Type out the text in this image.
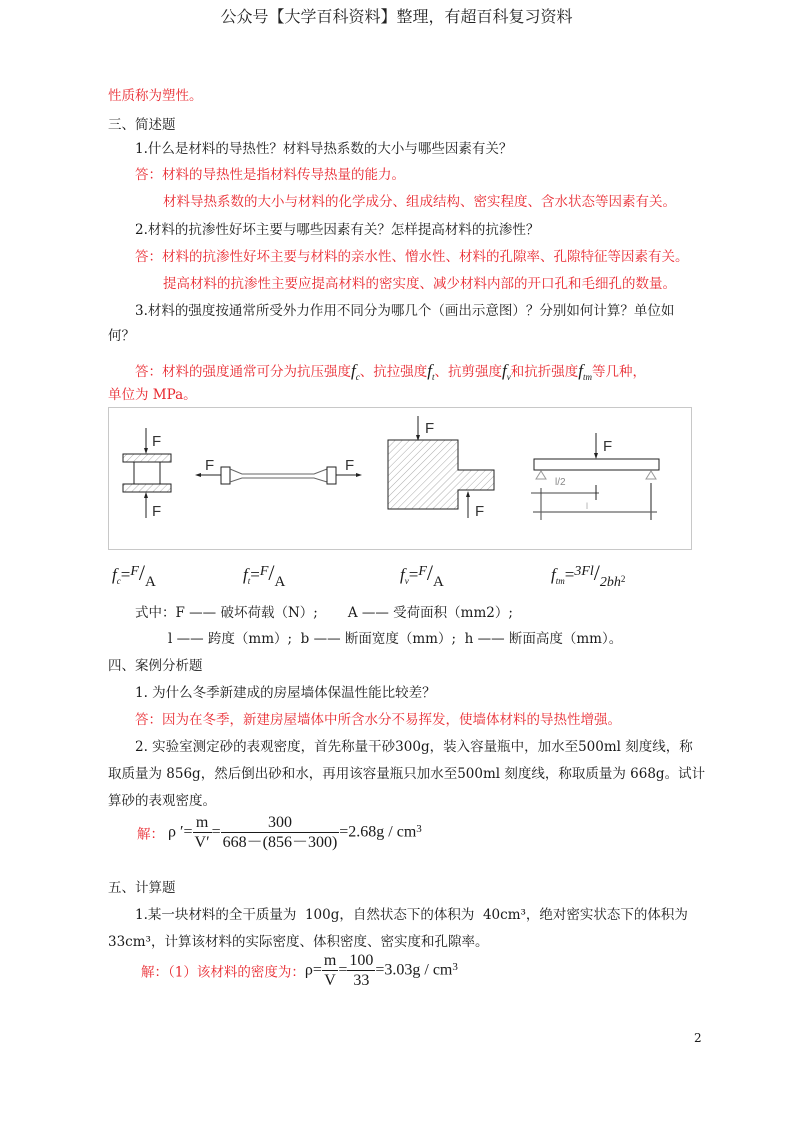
公众号【大学百科资料】整理，有超百科复习资料
性质称为塑性。
三、简述题
1.什么是材料的导热性？材料导热系数的大小与哪些因素有关？
答：材料的导热性是指材料传导热量的能力。
材料导热系数的大小与材料的化学成分、组成结构、密实程度、含水状态等因素有关。
2.材料的抗渗性好坏主要与哪些因素有关？怎样提高材料的抗渗性？
答：材料的抗渗性好坏主要与材料的亲水性、憎水性、材料的孔隙率、孔隙特征等因素有关。
提高材料的抗渗性主要应提高材料的密实度、减少材料内部的开口孔和毛细孔的数量。
3.材料的强度按通常所受外力作用不同分为哪几个（画出示意图）？分别如何计算？单位如
何？
答：材料的强度通常可分为抗压强度$f_c$、抗拉强度$f_t$、抗剪强度$f_v$和抗折强度$f_{tm}$等几种，
单位为 MPa。
F
F
F	F
F
F
F
l/2
l
$f_c=^F/A$	$f_t=^F/A$	$f_v=^F/A$	$f_{tm}=^{3Fl}/_{2bh}2$
式中：F —— 破坏荷载（N）;       A —— 受荷面积（mm2）;
l —— 跨度（mm）;  b —— 断面宽度（mm）;  h —— 断面高度（mm）。
四、案例分析题
1. 为什么冬季新建成的房屋墙体保温性能比较差？
答：因为在冬季，新建房屋墙体中所含水分不易挥发，使墙体材料的导热性增强。
2. 实验室测定砂的表观密度，首先称量干砂300g，装入容量瓶中，加水至500ml 刻度线，称
取质量为 856g，然后倒出砂和水，再用该容量瓶只加水至500ml 刻度线，称取质量为 668g。试计
算砂的表观密度。
解： ρ ′= $\frac{m}{V'} = \frac{300}{668-(856-300)} =2.68g / cm^3$
五、计算题
1.某一块材料的全干质量为  100g，自然状态下的体积为  40cm³，绝对密实状态下的体积为
33cm³，计算该材料的实际密度、体积密度、密实度和孔隙率。
解：（1）该材料的密度为：$\rho= \frac{m}{V} = \frac{100}{33} =3.03g / cm^3$
2
